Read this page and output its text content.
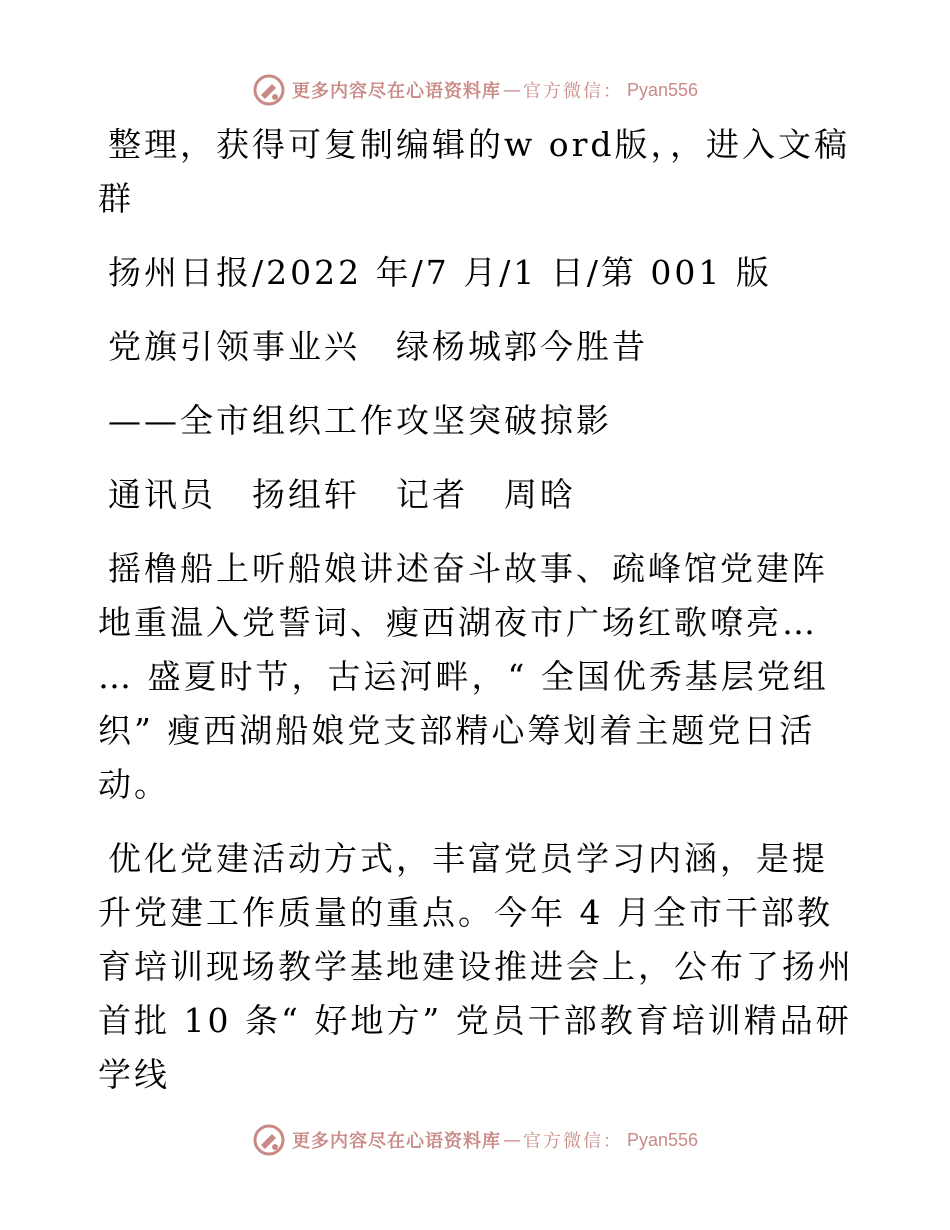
更多内容尽在心语资料库 — 官方微信： Pyan556

整理，获得可复制编辑的w ord版，，进入文稿群

扬州日报/2022 年/7 月/1 日/第 001 版

党旗引领事业兴　绿杨城郭今胜昔

——全市组织工作攻坚突破掠影

通讯员　扬组轩　记者　周晗

摇橹船上听船娘讲述奋斗故事、疏峰馆党建阵地重温入党誓词、瘦西湖夜市广场红歌嘹亮… … 盛夏时节，古运河畔，“ 全国优秀基层党组织” 瘦西湖船娘党支部精心筹划着主题党日活动。

优化党建活动方式，丰富党员学习内涵，是提升党建工作质量的重点。今年 4 月全市干部教育培训现场教学基地建设推进会上，公布了扬州首批 10 条“ 好地方” 党员干部教育培训精品研学线

更多内容尽在心语资料库 — 官方微信： Pyan556
